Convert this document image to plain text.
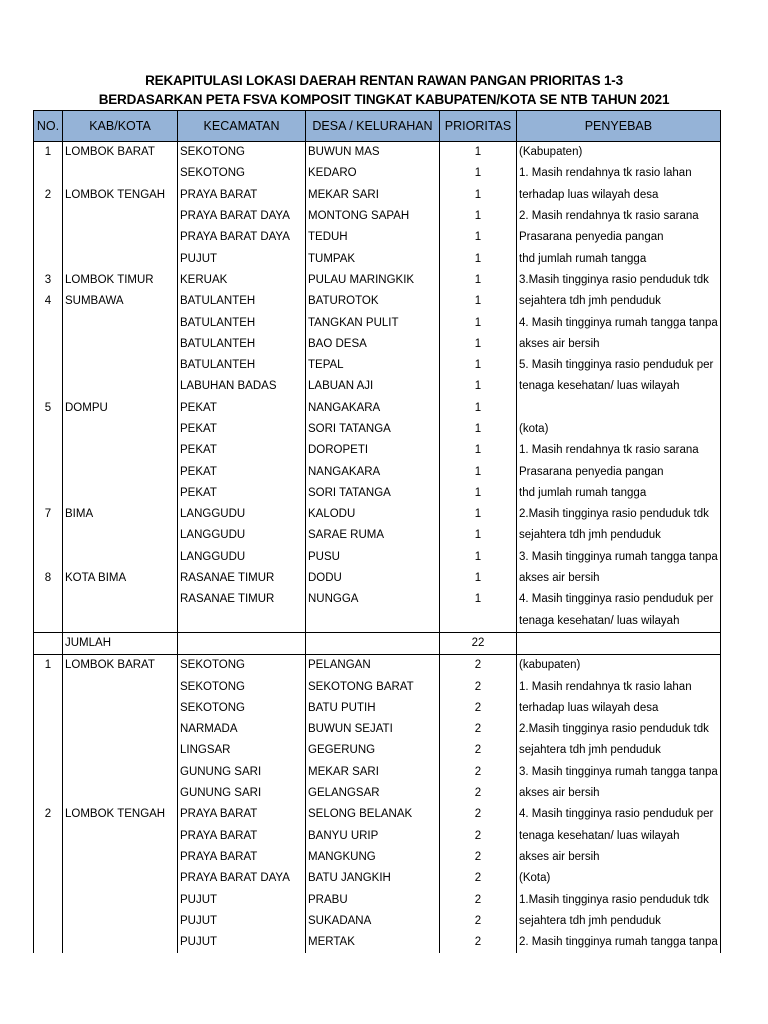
REKAPITULASI LOKASI DAERAH RENTAN RAWAN PANGAN PRIORITAS 1-3
BERDASARKAN PETA FSVA KOMPOSIT TINGKAT KABUPATEN/KOTA SE NTB TAHUN 2021
NO.	KAB/KOTA	KECAMATAN	DESA / KELURAHAN	PRIORITAS	PENYEBAB
1	LOMBOK BARAT	SEKOTONG	BUWUN MAS	1	(Kabupaten)
		SEKOTONG	KEDARO	1	1. Masih rendahnya tk rasio lahan
2	LOMBOK TENGAH	PRAYA BARAT	MEKAR SARI	1	terhadap luas wilayah desa
		PRAYA BARAT DAYA	MONTONG SAPAH	1	2. Masih rendahnya tk rasio sarana
		PRAYA BARAT DAYA	TEDUH	1	Prasarana penyedia pangan
		PUJUT	TUMPAK	1	thd jumlah rumah tangga
3	LOMBOK TIMUR	KERUAK	PULAU MARINGKIK	1	3.Masih tingginya rasio penduduk tdk
4	SUMBAWA	BATULANTEH	BATUROTOK	1	sejahtera tdh jmh penduduk
		BATULANTEH	TANGKAN PULIT	1	4. Masih tingginya rumah tangga tanpa
		BATULANTEH	BAO DESA	1	akses air bersih
		BATULANTEH	TEPAL	1	5. Masih tingginya rasio penduduk per
		LABUHAN BADAS	LABUAN AJI	1	tenaga kesehatan/ luas wilayah
5	DOMPU	PEKAT	NANGAKARA	1	
		PEKAT	SORI TATANGA	1	(kota)
		PEKAT	DOROPETI	1	1. Masih rendahnya tk rasio sarana
		PEKAT	NANGAKARA	1	Prasarana penyedia pangan
		PEKAT	SORI TATANGA	1	thd jumlah rumah tangga
7	BIMA	LANGGUDU	KALODU	1	2.Masih tingginya rasio penduduk tdk
		LANGGUDU	SARAE RUMA	1	sejahtera tdh jmh penduduk
		LANGGUDU	PUSU	1	3. Masih tingginya rumah tangga tanpa
8	KOTA BIMA	RASANAE TIMUR	DODU	1	akses air bersih
		RASANAE TIMUR	NUNGGA	1	4. Masih tingginya rasio penduduk per
					tenaga kesehatan/ luas wilayah
	JUMLAH			22	
1	LOMBOK BARAT	SEKOTONG	PELANGAN	2	(kabupaten)
		SEKOTONG	SEKOTONG BARAT	2	1. Masih rendahnya tk rasio lahan
		SEKOTONG	BATU PUTIH	2	terhadap luas wilayah desa
		NARMADA	BUWUN SEJATI	2	2.Masih tingginya rasio penduduk tdk
		LINGSAR	GEGERUNG	2	sejahtera tdh jmh penduduk
		GUNUNG SARI	MEKAR SARI	2	3. Masih tingginya rumah tangga tanpa
		GUNUNG SARI	GELANGSAR	2	akses air bersih
2	LOMBOK TENGAH	PRAYA BARAT	SELONG BELANAK	2	4. Masih tingginya rasio penduduk per
		PRAYA BARAT	BANYU URIP	2	tenaga kesehatan/ luas wilayah
		PRAYA BARAT	MANGKUNG	2	akses air bersih
		PRAYA BARAT DAYA	BATU JANGKIH	2	(Kota)
		PUJUT	PRABU	2	1.Masih tingginya rasio penduduk tdk
		PUJUT	SUKADANA	2	sejahtera tdh jmh penduduk
		PUJUT	MERTAK	2	2. Masih tingginya rumah tangga tanpa
